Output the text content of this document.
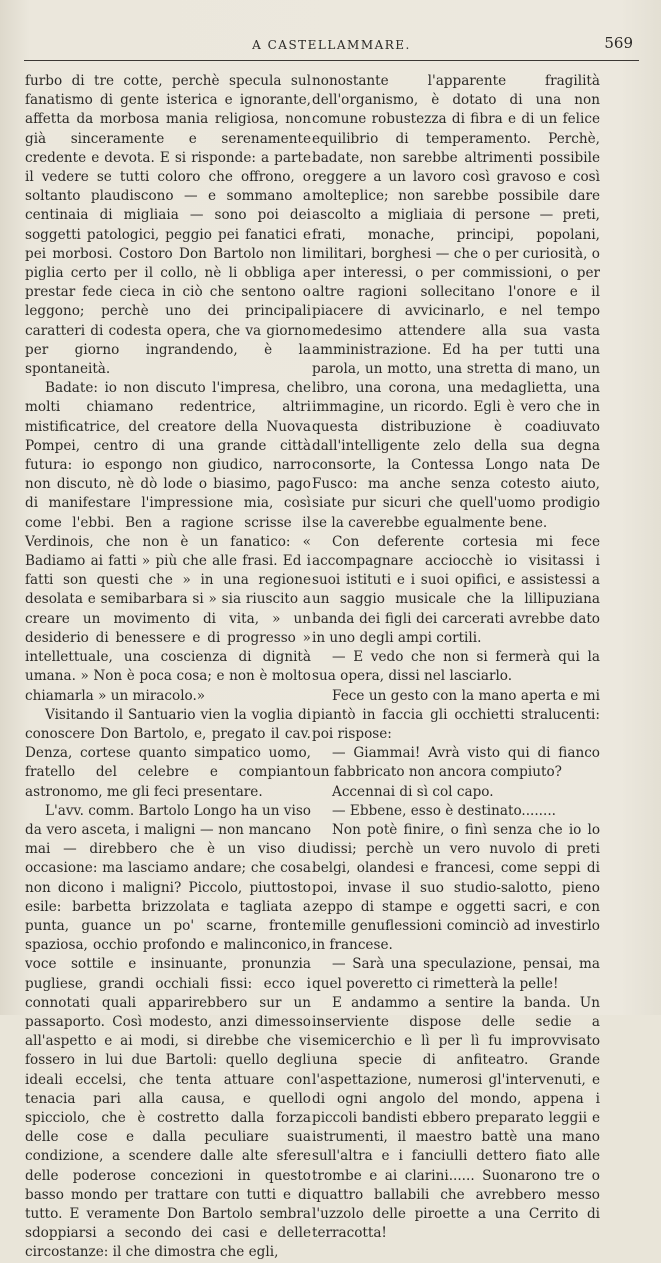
A CASTELLAMMARE.	569

furbo di tre cotte, perchè specula sul fanatismo di gente isterica e ignorante, affetta da morbosa mania religiosa, non già sinceramente e serenamente credente e devota. E si risponde: a parte il vedere se tutti coloro che offrono, o soltanto plaudiscono — e sommano a centinaia di migliaia — sono poi dei soggetti patologici, peggio pei fanatici e pei morbosi. Costoro Don Bartolo non li piglia certo per il collo, nè li obbliga a prestar fede cieca in ciò che sentono o leggono; perchè uno dei principali caratteri di codesta opera, che va giorno per giorno ingrandendo, è la spontaneità.

Badate: io non discuto l'impresa, che molti chiamano redentrice, altri mistificatrice, del creatore della Nuova Pompei, centro di una grande città futura: io espongo non giudico, narro non discuto, nè dò lode o biasimo, pago di manifestare l'impressione mia, così come l'ebbi. Ben a ragione scrisse il Verdinois, che non è un fanatico: « Badiamo ai fatti » più che alle frasi. Ed i fatti son questi che » in una regione desolata e semibarbara si » sia riuscito a creare un movimento di vita, » un desiderio di benessere e di progresso » intellettuale, una coscienza di dignità umana. » Non è poca cosa; e non è molto chiamarla » un miracolo.»

Visitando il Santuario vien la voglia di conoscere Don Bartolo, e, pregato il cav. Denza, cortese quanto simpatico uomo, fratello del celebre e compianto astronomo, me gli feci presentare.

L'avv. comm. Bartolo Longo ha un viso da vero asceta, i maligni — non mancano mai — direbbero che è un viso di occasione: ma lasciamo andare; che cosa non dicono i maligni? Piccolo, piuttosto esile: barbetta brizzolata e tagliata a punta, guance un po' scarne, fronte spaziosa, occhio profondo e malinconico, voce sottile e insinuante, pronunzia pugliese, grandi occhiali fissi: ecco i connotati quali apparirebbero sur un passaporto. Così modesto, anzi dimesso all'aspetto e ai modi, si direbbe che vi fossero in lui due Bartoli: quello degli ideali eccelsi, che tenta attuare con tenacia pari alla causa, e quello spicciolo, che è costretto dalla forza delle cose e dalla peculiare sua condizione, a scendere dalle alte sfere delle poderose concezioni in questo basso mondo per trattare con tutti e di tutto. E veramente Don Bartolo sembra sdoppiarsi a secondo dei casi e delle circostanze: il che dimostra che egli,

nonostante l'apparente fragilità dell'organismo, è dotato di una non comune robustezza di fibra e di un felice equilibrio di temperamento. Perchè, badate, non sarebbe altrimenti possibile reggere a un lavoro così gravoso e così molteplice; non sarebbe possibile dare ascolto a migliaia di persone — preti, frati, monache, principi, popolani, militari, borghesi — che o per curiosità, o per interessi, o per commissioni, o per altre ragioni sollecitano l'onore e il piacere di avvicinarlo, e nel tempo medesimo attendere alla sua vasta amministrazione. Ed ha per tutti una parola, un motto, una stretta di mano, un libro, una corona, una medaglietta, una immagine, un ricordo. Egli è vero che in questa distribuzione è coadiuvato dall'intelligente zelo della sua degna consorte, la Contessa Longo nata De Fusco: ma anche senza cotesto aiuto, siate pur sicuri che quell'uomo prodigio se la caverebbe egualmente bene.

Con deferente cortesia mi fece accompagnare acciocchè io visitassi i suoi istituti e i suoi opifici, e assistessi a un saggio musicale che la lillipuziana banda dei figli dei carcerati avrebbe dato in uno degli ampi cortili.

— E vedo che non si fermerà qui la sua opera, dissi nel lasciarlo.

Fece un gesto con la mano aperta e mi piantò in faccia gli occhietti stralucenti: poi rispose:

— Giammai! Avrà visto qui di fianco un fabbricato non ancora compiuto?

Accennai di sì col capo.

— Ebbene, esso è destinato........

Non potè finire, o finì senza che io lo udissi; perchè un vero nuvolo di preti belgi, olandesi e francesi, come seppi di poi, invase il suo studio-salotto, pieno zeppo di stampe e oggetti sacri, e con mille genuflessioni cominciò ad investirlo in francese.

— Sarà una speculazione, pensai, ma quel poveretto ci rimetterà la pelle!

E andammo a sentire la banda. Un inserviente dispose delle sedie a semicerchio e lì per lì fu improvvisato una specie di anfiteatro. Grande l'aspettazione, numerosi gl'intervenuti, e di ogni angolo del mondo, appena i piccoli bandisti ebbero preparato leggii e istrumenti, il maestro battè una mano sull'altra e i fanciulli dettero fiato alle trombe e ai clarini...... Suonarono tre o quattro ballabili che avrebbero messo l'uzzolo delle piroette a una Cerrito di terracotta!
